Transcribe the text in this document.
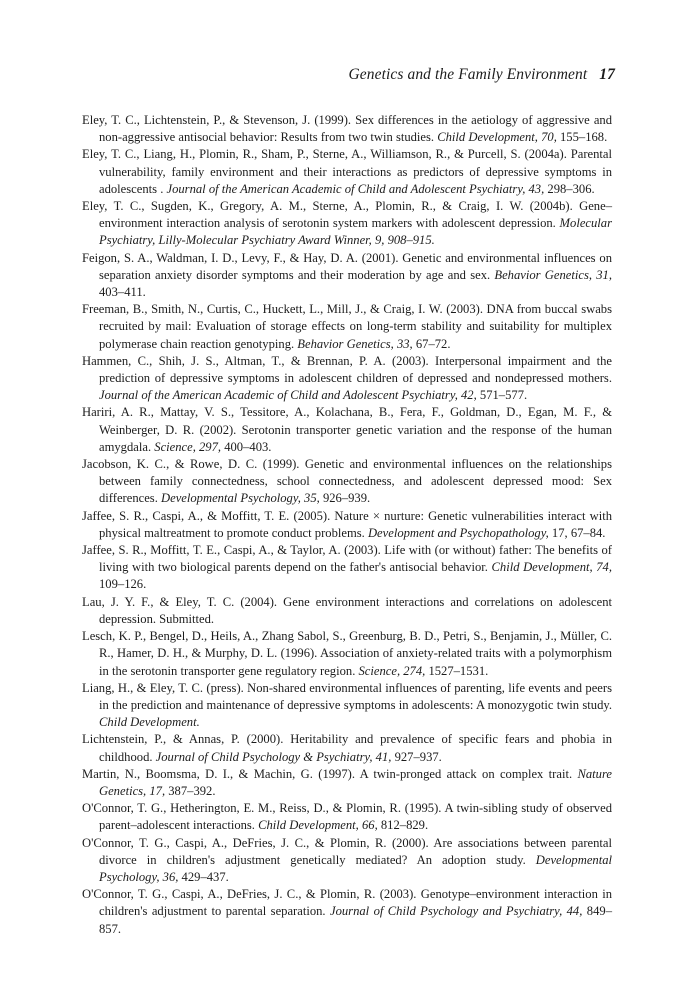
Genetics and the Family Environment 17
Eley, T. C., Lichtenstein, P., & Stevenson, J. (1999). Sex differences in the aetiology of aggressive and non-aggressive antisocial behavior: Results from two twin studies. Child Development, 70, 155–168.
Eley, T. C., Liang, H., Plomin, R., Sham, P., Sterne, A., Williamson, R., & Purcell, S. (2004a). Parental vulnerability, family environment and their interactions as predictors of depressive symptoms in adolescents . Journal of the American Academic of Child and Adolescent Psychiatry, 43, 298–306.
Eley, T. C., Sugden, K., Gregory, A. M., Sterne, A., Plomin, R., & Craig, I. W. (2004b). Gene–environment interaction analysis of serotonin system markers with adolescent depression. Molecular Psychiatry, Lilly-Molecular Psychiatry Award Winner, 9, 908–915.
Feigon, S. A., Waldman, I. D., Levy, F., & Hay, D. A. (2001). Genetic and environmental influences on separation anxiety disorder symptoms and their moderation by age and sex. Behavior Genetics, 31, 403–411.
Freeman, B., Smith, N., Curtis, C., Huckett, L., Mill, J., & Craig, I. W. (2003). DNA from buccal swabs recruited by mail: Evaluation of storage effects on long-term stability and suitability for multiplex polymerase chain reaction genotyping. Behavior Genetics, 33, 67–72.
Hammen, C., Shih, J. S., Altman, T., & Brennan, P. A. (2003). Interpersonal impairment and the prediction of depressive symptoms in adolescent children of depressed and nondepressed mothers. Journal of the American Academic of Child and Adolescent Psychiatry, 42, 571–577.
Hariri, A. R., Mattay, V. S., Tessitore, A., Kolachana, B., Fera, F., Goldman, D., Egan, M. F., & Weinberger, D. R. (2002). Serotonin transporter genetic variation and the response of the human amygdala. Science, 297, 400–403.
Jacobson, K. C., & Rowe, D. C. (1999). Genetic and environmental influences on the relationships between family connectedness, school connectedness, and adolescent depressed mood: Sex differences. Developmental Psychology, 35, 926–939.
Jaffee, S. R., Caspi, A., & Moffitt, T. E. (2005). Nature × nurture: Genetic vulnerabilities interact with physical maltreatment to promote conduct problems. Development and Psychopathology, 17, 67–84.
Jaffee, S. R., Moffitt, T. E., Caspi, A., & Taylor, A. (2003). Life with (or without) father: The benefits of living with two biological parents depend on the father's antisocial behavior. Child Development, 74, 109–126.
Lau, J. Y. F., & Eley, T. C. (2004). Gene environment interactions and correlations on adolescent depression. Submitted.
Lesch, K. P., Bengel, D., Heils, A., Zhang Sabol, S., Greenburg, B. D., Petri, S., Benjamin, J., Müller, C. R., Hamer, D. H., & Murphy, D. L. (1996). Association of anxiety-related traits with a polymorphism in the serotonin transporter gene regulatory region. Science, 274, 1527–1531.
Liang, H., & Eley, T. C. (press). Non-shared environmental influences of parenting, life events and peers in the prediction and maintenance of depressive symptoms in adolescents: A monozygotic twin study. Child Development.
Lichtenstein, P., & Annas, P. (2000). Heritability and prevalence of specific fears and phobia in childhood. Journal of Child Psychology & Psychiatry, 41, 927–937.
Martin, N., Boomsma, D. I., & Machin, G. (1997). A twin-pronged attack on complex trait. Nature Genetics, 17, 387–392.
O'Connor, T. G., Hetherington, E. M., Reiss, D., & Plomin, R. (1995). A twin-sibling study of observed parent–adolescent interactions. Child Development, 66, 812–829.
O'Connor, T. G., Caspi, A., DeFries, J. C., & Plomin, R. (2000). Are associations between parental divorce in children's adjustment genetically mediated? An adoption study. Developmental Psychology, 36, 429–437.
O'Connor, T. G., Caspi, A., DeFries, J. C., & Plomin, R. (2003). Genotype–environment interaction in children's adjustment to parental separation. Journal of Child Psychology and Psychiatry, 44, 849–857.
